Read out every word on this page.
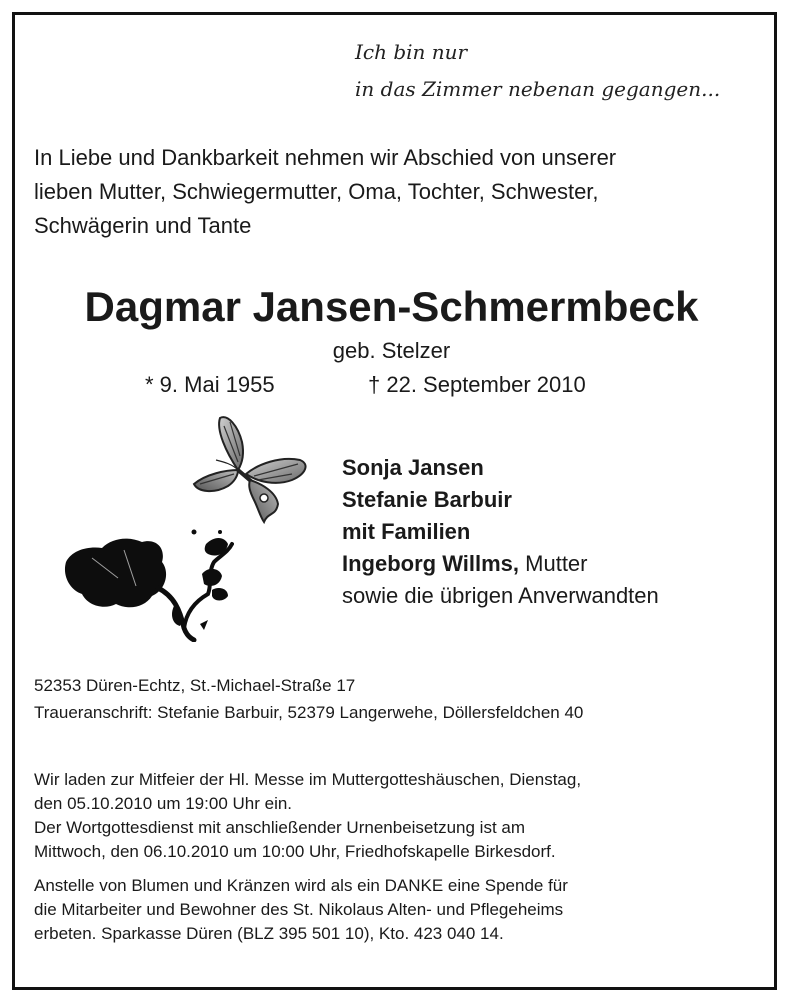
Ich bin nur
in das Zimmer nebenan gegangen...
In Liebe und Dankbarkeit nehmen wir Abschied von unserer
lieben Mutter, Schwiegermutter, Oma, Tochter, Schwester,
Schwägerin und Tante
Dagmar Jansen-Schmermbeck
geb. Stelzer
* 9. Mai 1955	† 22. September 2010
Sonja Jansen
Stefanie Barbuir
mit Familien
Ingeborg Willms, Mutter
sowie die übrigen Anverwandten
52353 Düren-Echtz, St.-Michael-Straße 17
Traueranschrift: Stefanie Barbuir, 52379 Langerwehe, Döllersfeldchen 40
Wir laden zur Mitfeier der Hl. Messe im Muttergotteshäuschen, Dienstag,
den 05.10.2010 um 19:00 Uhr ein.
Der Wortgottesdienst mit anschließender Urnenbeisetzung ist am
Mittwoch, den 06.10.2010 um 10:00 Uhr, Friedhofskapelle Birkesdorf.
Anstelle von Blumen und Kränzen wird als ein DANKE eine Spende für
die Mitarbeiter und Bewohner des St. Nikolaus Alten- und Pflegeheims
erbeten. Sparkasse Düren (BLZ 395 501 10), Kto. 423 040 14.
